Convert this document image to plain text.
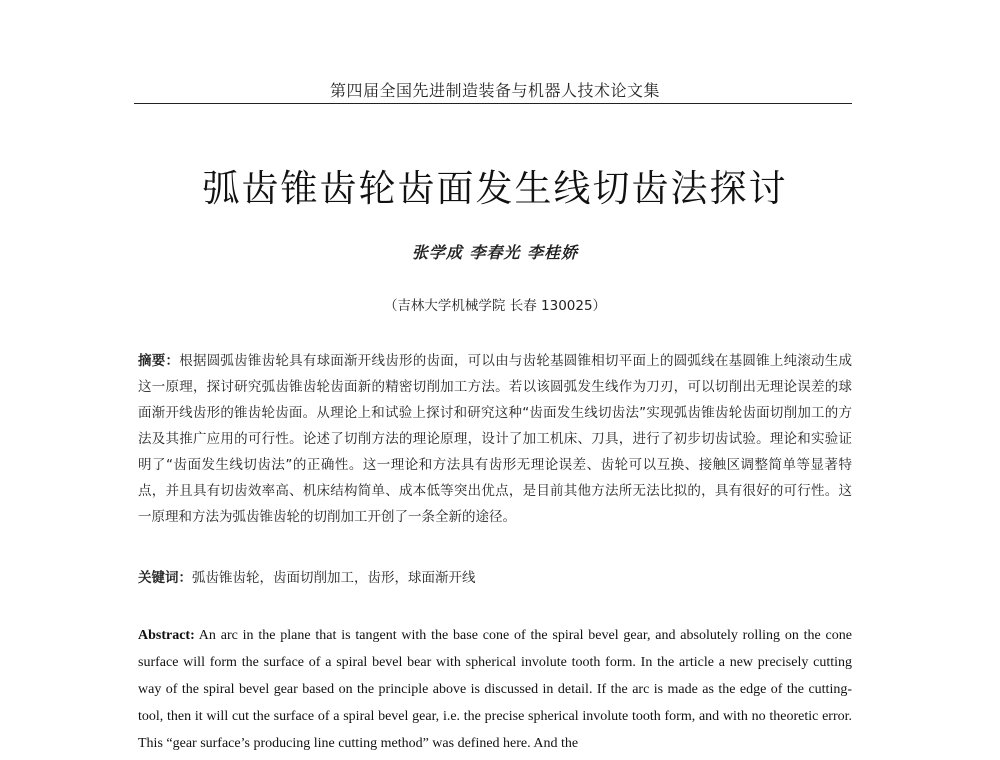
第四届全国先进制造装备与机器人技术论文集
弧齿锥齿轮齿面发生线切齿法探讨
张学成 李春光 李桂娇
（吉林大学机械学院 长春 130025）
摘要：根据圆弧齿锥齿轮具有球面渐开线齿形的齿面，可以由与齿轮基圆锥相切平面上的圆弧线在基圆锥上纯滚动生成这一原理，探讨研究弧齿锥齿轮齿面新的精密切削加工方法。若以该圆弧发生线作为刀刃，可以切削出无理论误差的球面渐开线齿形的锥齿轮齿面。从理论上和试验上探讨和研究这种“齿面发生线切齿法”实现弧齿锥齿轮齿面切削加工的方法及其推广应用的可行性。论述了切削方法的理论原理，设计了加工机床、刀具，进行了初步切齿试验。理论和实验证明了“齿面发生线切齿法”的正确性。这一理论和方法具有齿形无理论误差、齿轮可以互换、接触区调整简单等显著特点，并且具有切齿效率高、机床结构简单、成本低等突出优点，是目前其他方法所无法比拟的，具有很好的可行性。这一原理和方法为弧齿锥齿轮的切削加工开创了一条全新的途径。
关键词：弧齿锥齿轮，齿面切削加工，齿形，球面渐开线
Abstract: An arc in the plane that is tangent with the base cone of the spiral bevel gear, and absolutely rolling on the cone surface will form the surface of a spiral bevel bear with spherical involute tooth form. In the article a new precisely cutting way of the spiral bevel gear based on the principle above is discussed in detail. If the arc is made as the edge of the cutting-tool, then it will cut the surface of a spiral bevel gear, i.e. the precise spherical involute tooth form, and with no theoretic error. This “gear surface’s producing line cutting method” was defined here. And the
